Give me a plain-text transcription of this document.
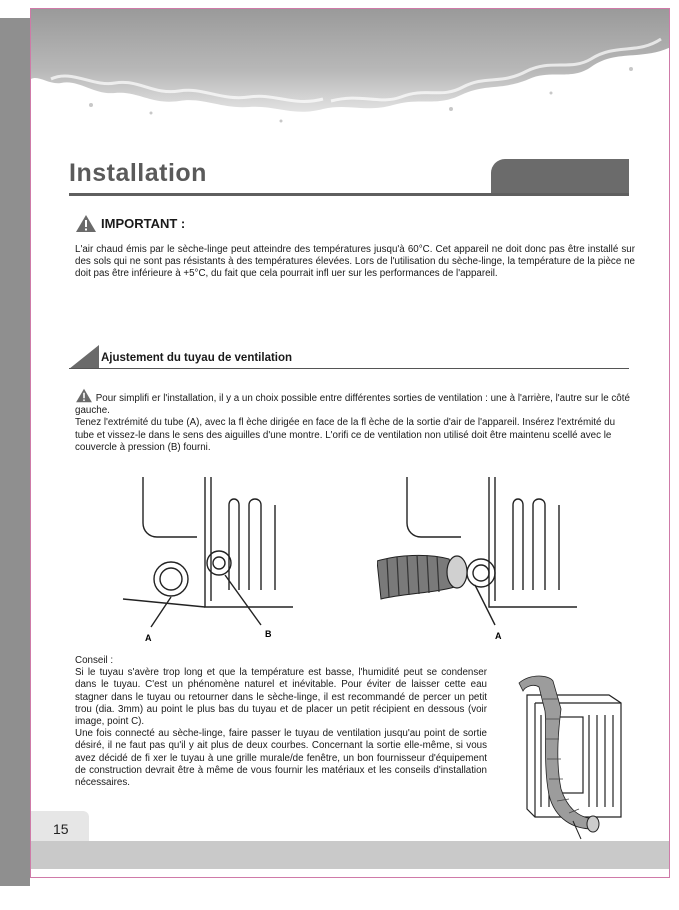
Installation
IMPORTANT :
L'air chaud émis par le sèche-linge peut atteindre des températures jusqu'à 60°C. Cet appareil ne doit donc pas être installé sur des sols qui ne sont pas résistants à des températures élevées. Lors de l'utilisation du sèche-linge, la température de la pièce ne doit pas être inférieure à +5°C, du fait que cela pourrait infl uer sur les performances de l'appareil.
Ajustement du tuyau de ventilation

Pour simplifi er l'installation, il y a un choix possible entre différentes sorties de ventilation : une à l'arrière, l'autre sur le côté gauche.

Tenez l'extrémité du tube (A), avec la fl èche dirigée en face de la fl èche de la sortie d'air de l'appareil. Insérez l'extrémité du tube et vissez-le dans le sens des aiguilles d'une montre. L'orifi ce de ventilation non utilisé doit être maintenu scellé avec le couvercle à pression (B) fourni.

A	B	A

Conseil :

Si le tuyau s'avère trop long et que la température est basse, l'humidité peut se condenser dans le tuyau. C'est un phénomène naturel et inévitable. Pour éviter de laisser cette eau stagner dans le tuyau ou retourner dans le sèche-linge, il est recommandé de percer un petit trou (dia. 3mm) au point le plus bas du tuyau et de placer un petit récipient en dessous (voir image, point C).

Une fois connecté au sèche-linge, faire passer le tuyau de ventilation jusqu'au point de sortie désiré, il ne faut pas qu'il y ait plus de deux courbes. Concernant la sortie elle-même, si vous avez décidé de fi xer le tuyau à une grille murale/de fenêtre, un bon fournisseur d'équipement de construction devrait être à même de vous fournir les matériaux et les conseils d'installation nécessaires.

15
